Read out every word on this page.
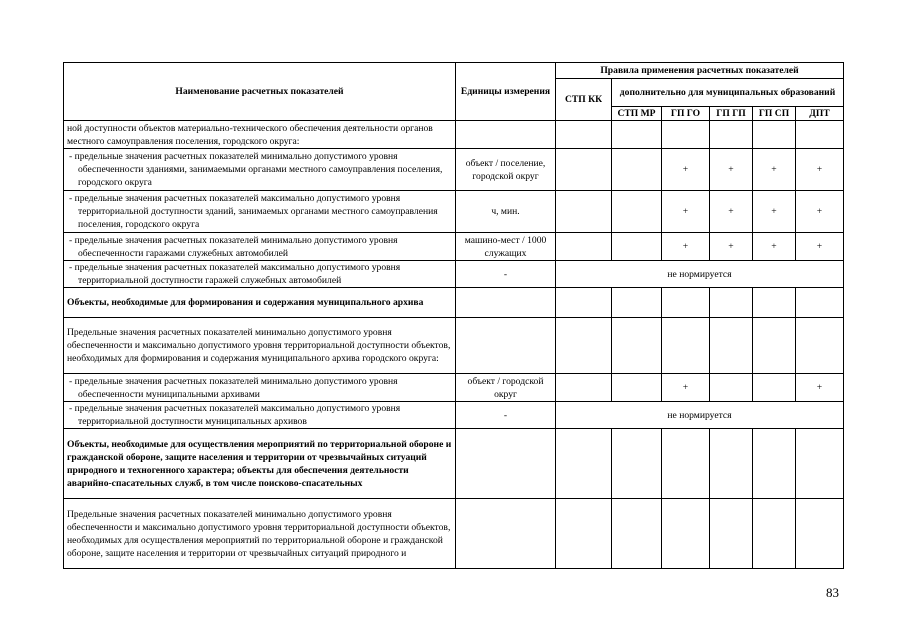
Наименование расчетных показателей	Единицы измерения	Правила применения расчетных показателей					
		СТП КК	дополнительно для муниципальных образований				
			СТП МР	ГП ГО	ГП ГП	ГП СП	ДПТ
ной доступности объектов материально-технического обеспечения деятельности органов местного самоуправления поселения, городского округа:							

- предельные значения расчетных показателей минимально допустимого уровня обеспеченности зданиями, занимаемыми органами местного самоуправления поселения, городского округа	объект / поселение, городской округ			+	+	+	+

- предельные значения расчетных показателей максимально допустимого уровня территориальной доступности зданий, занимаемых органами местного самоуправления поселения, городского округа	ч, мин.			+	+	+	+

- предельные значения расчетных показателей минимально допустимого уровня обеспеченности гаражами служебных автомобилей	машино-мест / 1000 служащих			+	+	+	+

- предельные значения расчетных показателей максимально допустимого уровня территориальной доступности гаражей служебных автомобилей	-	не нормируется					
Объекты, необходимые для формирования и содержания муниципального архива							
Предельные значения расчетных показателей минимально допустимого уровня обеспеченности и максимально допустимого уровня территориальной доступности объектов, необходимых для формирования и содержания муниципального архива городского округа:							

- предельные значения расчетных показателей минимально допустимого уровня обеспеченности муниципальными архивами	объект / городской округ			+			+

- предельные значения расчетных показателей максимально допустимого уровня территориальной доступности муниципальных архивов	-	не нормируется					
Объекты, необходимые для осуществления мероприятий по территориальной обороне и гражданской обороне, защите населения и территории от чрезвычайных ситуаций природного и техногенного характера; объекты для обеспечения деятельности аварийно-спасательных служб, в том числе поисково-спасательных							
Предельные значения расчетных показателей минимально допустимого уровня обеспеченности и максимально допустимого уровня территориальной доступности объектов, необходимых для осуществления мероприятий по территориальной обороне и гражданской обороне, защите населения и территории от чрезвычайных ситуаций природного и							
83
